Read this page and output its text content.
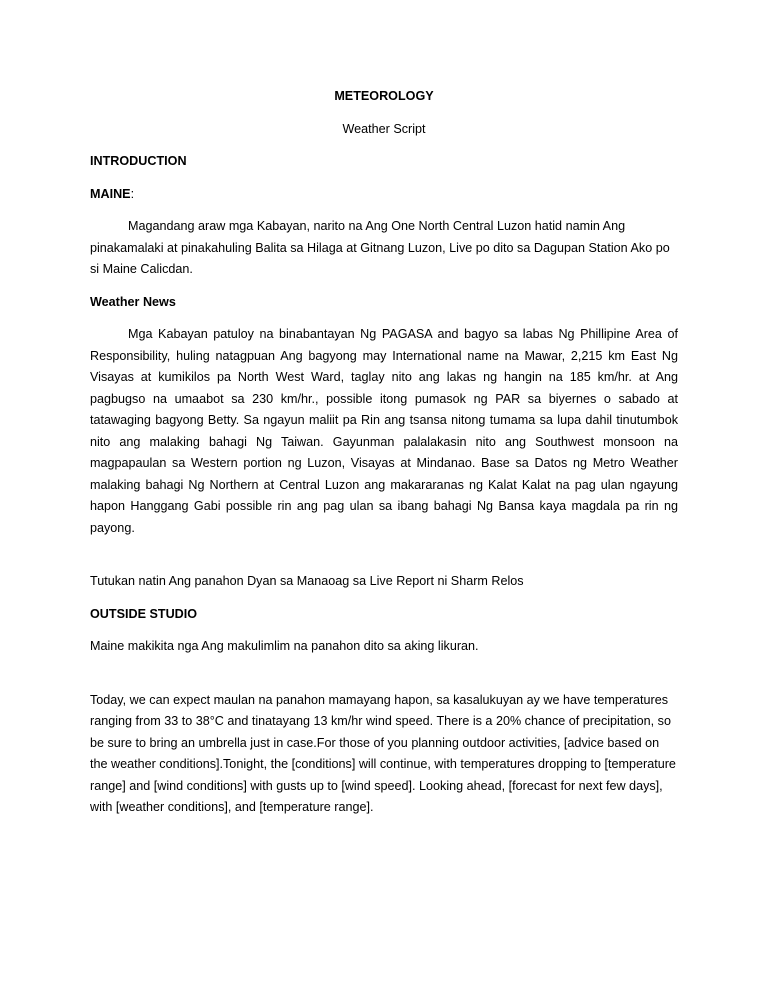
METEOROLOGY

Weather Script

INTRODUCTION

MAINE:

Magandang araw mga Kabayan, narito na Ang One North Central Luzon hatid namin Ang pinakamalaki at pinakahuling Balita sa Hilaga at Gitnang Luzon, Live po dito sa Dagupan Station Ako po si Maine Calicdan.

Weather News

Mga Kabayan patuloy na binabantayan Ng PAGASA and bagyo sa labas Ng Phillipine Area of Responsibility, huling natagpuan Ang bagyong may International name na Mawar, 2,215 km East Ng Visayas at kumikilos pa North West Ward, taglay nito ang lakas ng hangin na 185 km/hr. at Ang pagbugso na umaabot sa 230 km/hr., possible itong pumasok ng PAR sa biyernes o sabado at tatawaging bagyong Betty. Sa ngayun maliit pa Rin ang tsansa nitong tumama sa lupa dahil tinutumbok nito ang malaking bahagi Ng Taiwan. Gayunman palalakasin nito ang Southwest monsoon na magpapaulan sa Western portion ng Luzon, Visayas at Mindanao. Base sa Datos ng Metro Weather malaking bahagi Ng Northern at Central Luzon ang makararanas ng Kalat Kalat na pag ulan ngayung hapon Hanggang Gabi possible rin ang pag ulan sa ibang bahagi Ng Bansa kaya magdala pa rin ng payong.

Tutukan natin Ang panahon Dyan sa Manaoag sa Live Report ni Sharm Relos

OUTSIDE STUDIO

Maine makikita nga Ang makulimlim na panahon dito sa aking likuran.

Today, we can expect maulan na panahon mamayang hapon, sa kasalukuyan ay we have temperatures ranging from 33 to 38°C and tinatayang 13 km/hr wind speed. There is a 20% chance of precipitation, so be sure to bring an umbrella just in case.For those of you planning outdoor activities, [advice based on the weather conditions].Tonight, the [conditions] will continue, with temperatures dropping to [temperature range] and [wind conditions] with gusts up to [wind speed]. Looking ahead, [forecast for next few days], with [weather conditions], and [temperature range].
